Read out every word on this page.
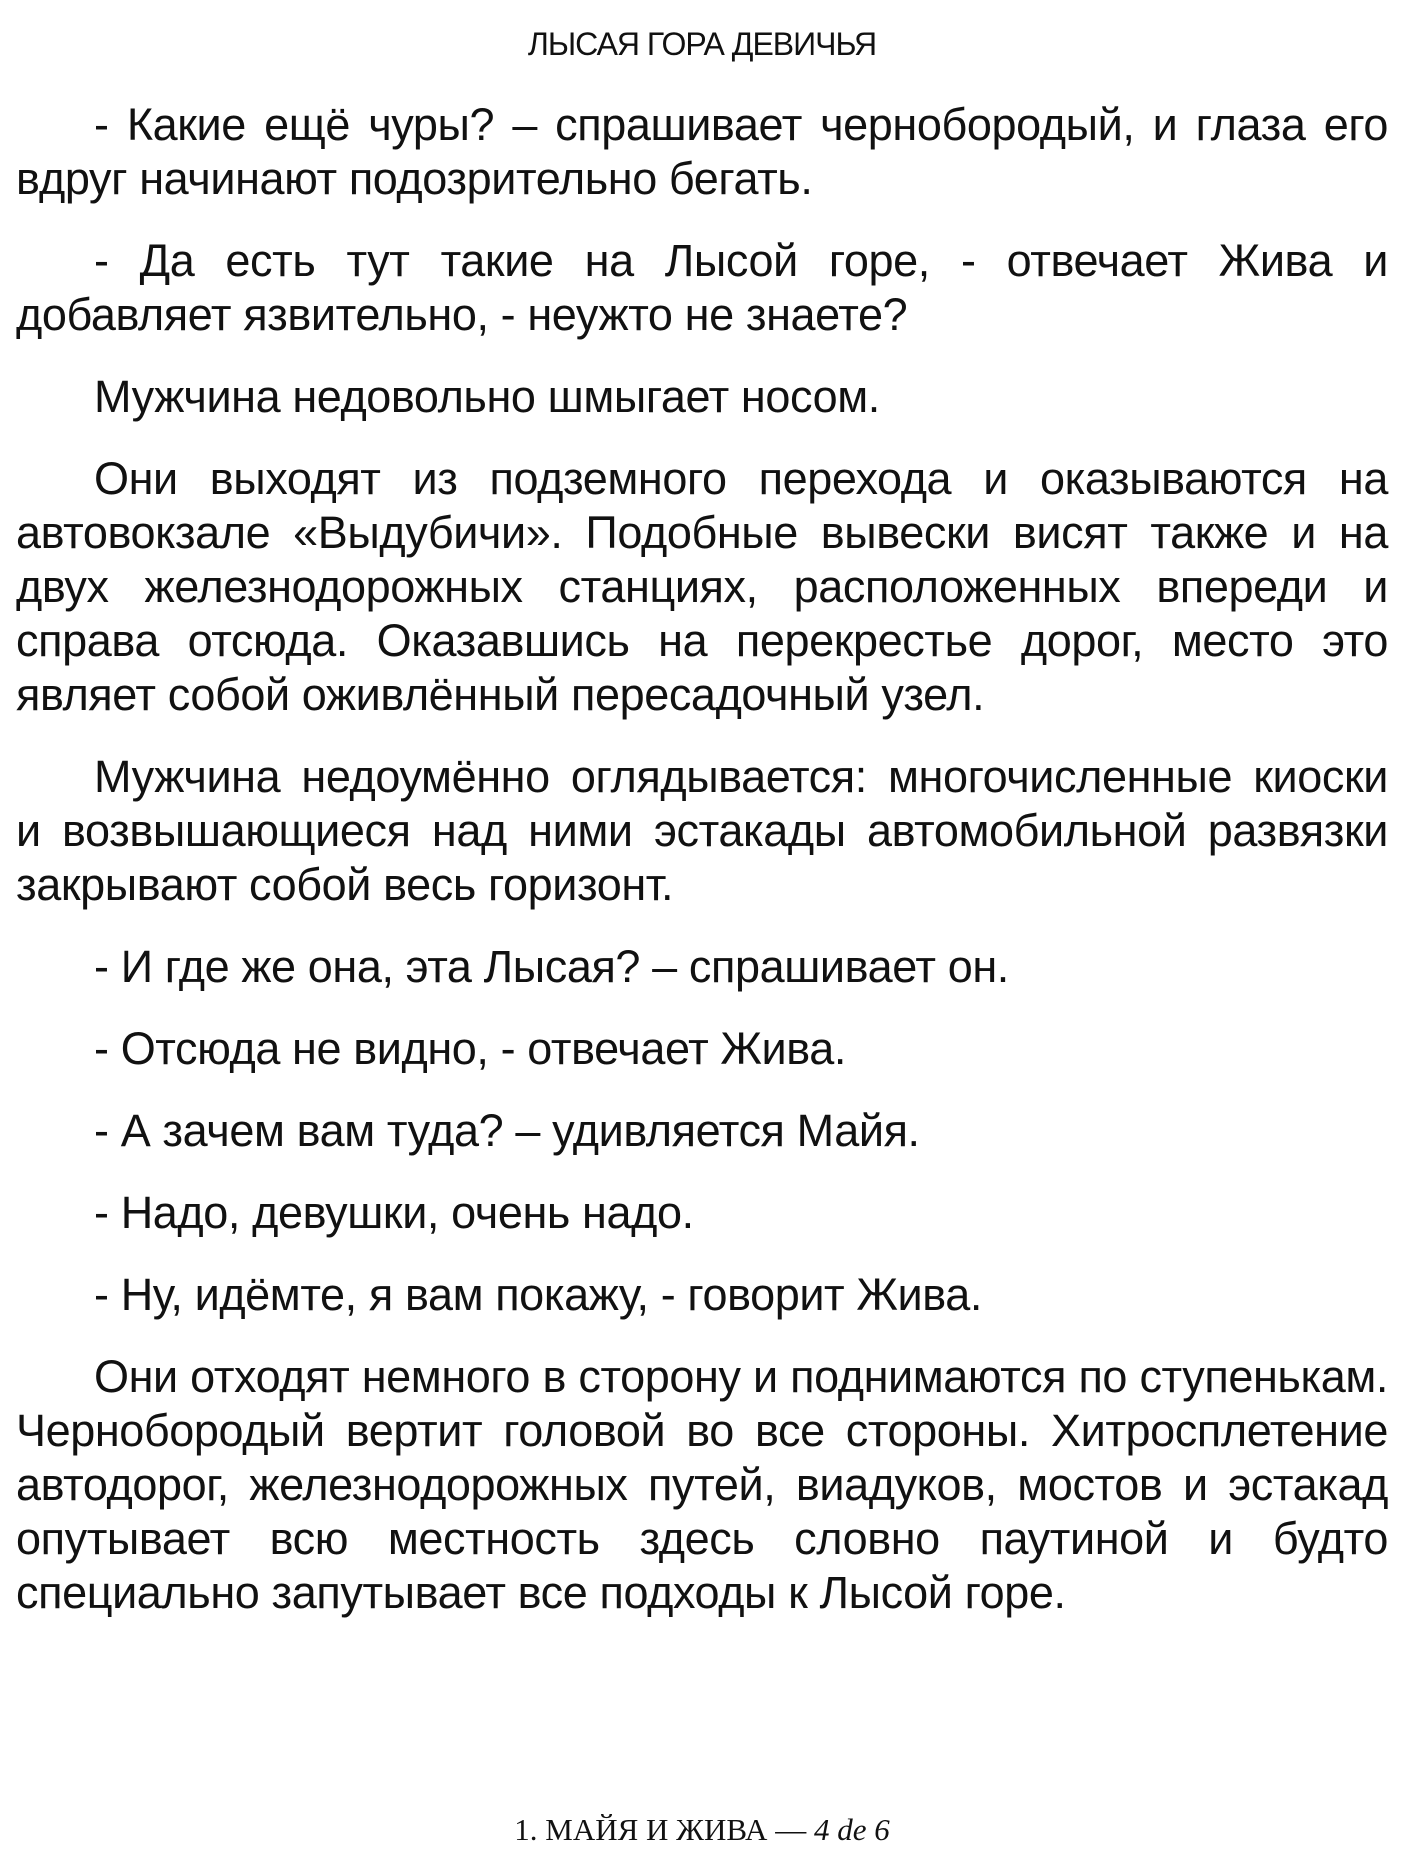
ЛЫСАЯ ГОРА ДЕВИЧЬЯ

- Какие ещё чуры? – спрашивает чернобородый, и глаза его вдруг начинают подозрительно бегать.

- Да есть тут такие на Лысой горе, - отвечает Жива и добавляет язвительно, - неужто не знаете?

Мужчина недовольно шмыгает носом.

Они выходят из подземного перехода и оказываются на автовокзале «Выдубичи». Подобные вывески висят также и на двух железнодорожных станциях, расположенных впереди и справа отсюда. Оказавшись на перекрестье дорог, место это являет собой оживлённый пересадочный узел.

Мужчина недоумённо оглядывается: многочисленные киоски и возвышающиеся над ними эстакады автомобильной развязки закрывают собой весь горизонт.

- И где же она, эта Лысая? – спрашивает он.

- Отсюда не видно, - отвечает Жива.

- А зачем вам туда? – удивляется Майя.

- Надо, девушки, очень надо.

- Ну, идёмте, я вам покажу, - говорит Жива.

Они отходят немного в сторону и поднимаются по ступенькам. Чернобородый вертит головой во все стороны. Хитросплетение автодорог, железнодорожных путей, виадуков, мостов и эстакад опутывает всю местность здесь словно паутиной и будто специально запутывает все подходы к Лысой горе.

1. МАЙЯ И ЖИВА — 4 de 6
